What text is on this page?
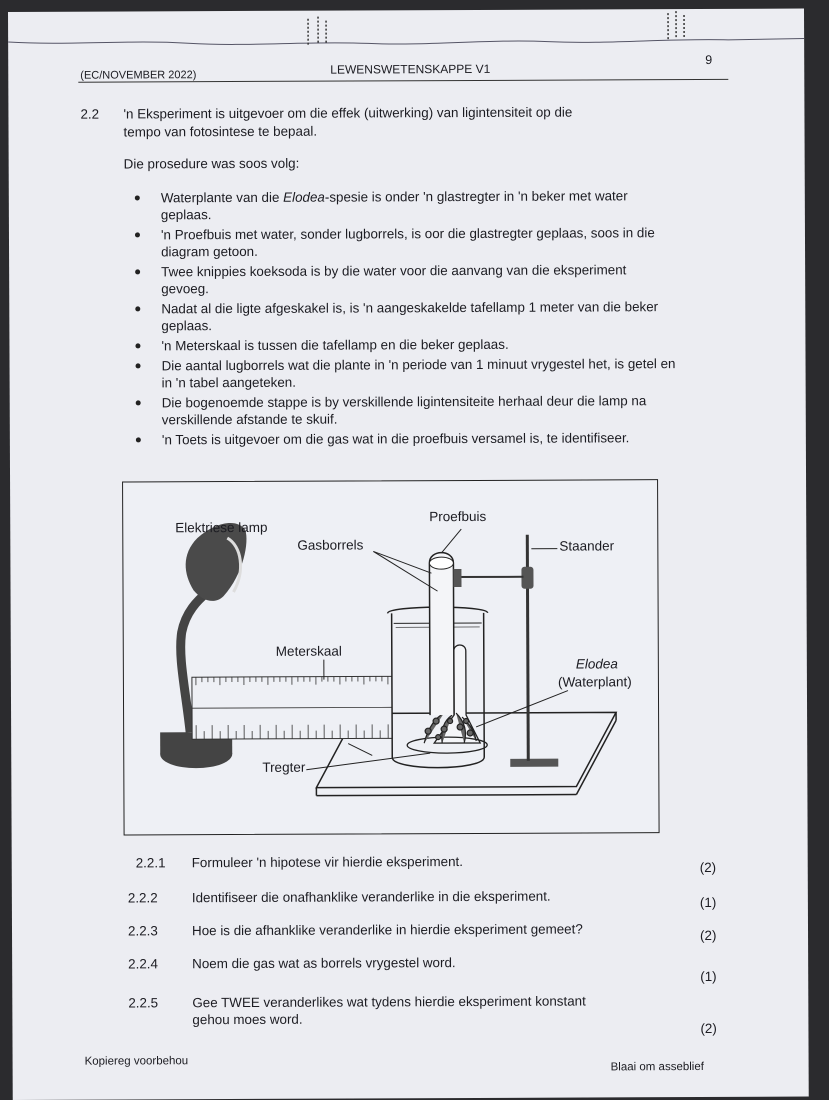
(EC/NOVEMBER 2022)	LEWENSWETENSKAPPE V1
9
2.2 'n Eksperiment is uitgevoer om die effek (uitwerking) van ligintensiteit op die
tempo van fotosintese te bepaal.
Die prosedure was soos volg:
Waterplante van die Elodea-spesie is onder 'n glastregter in 'n beker met water geplaas.
'n Proefbuis met water, sonder lugborrels, is oor die glastregter geplaas, soos in die diagram getoon.
Twee knippies koeksoda is by die water voor die aanvang van die eksperiment gevoeg.
Nadat al die ligte afgeskakel is, is 'n aangeskakelde tafellamp 1 meter van die beker geplaas.
'n Meterskaal is tussen die tafellamp en die beker geplaas.
Die aantal lugborrels wat die plante in 'n periode van 1 minuut vrygestel het, is getel en in 'n tabel aangeteken.
Die bogenoemde stappe is by verskillende ligintensiteite herhaal deur die lamp na verskillende afstande te skuif.
'n Toets is uitgevoer om die gas wat in die proefbuis versamel is, te identifiseer.
Elektriese lamp
Proefbuis
Gasborrels	Staander
Meterskaal
Elodea
(Waterplant)
Tregter
2.2.1 Formuleer 'n hipotese vir hierdie eksperiment.	(2)
2.2.2	Identifiseer die onafhanklike veranderlike in die eksperiment.	(1)
2.2.3	Hoe is die afhanklike veranderlike in hierdie eksperiment gemeet?	(2)
2.2.4	Noem die gas wat as borrels vrygestel word.
(1)
2.2.5	Gee TWEE veranderlikes wat tydens hierdie eksperiment konstant
gehou moes word.
(2)
Kopiereg voorbehou	Blaai om asseblief
